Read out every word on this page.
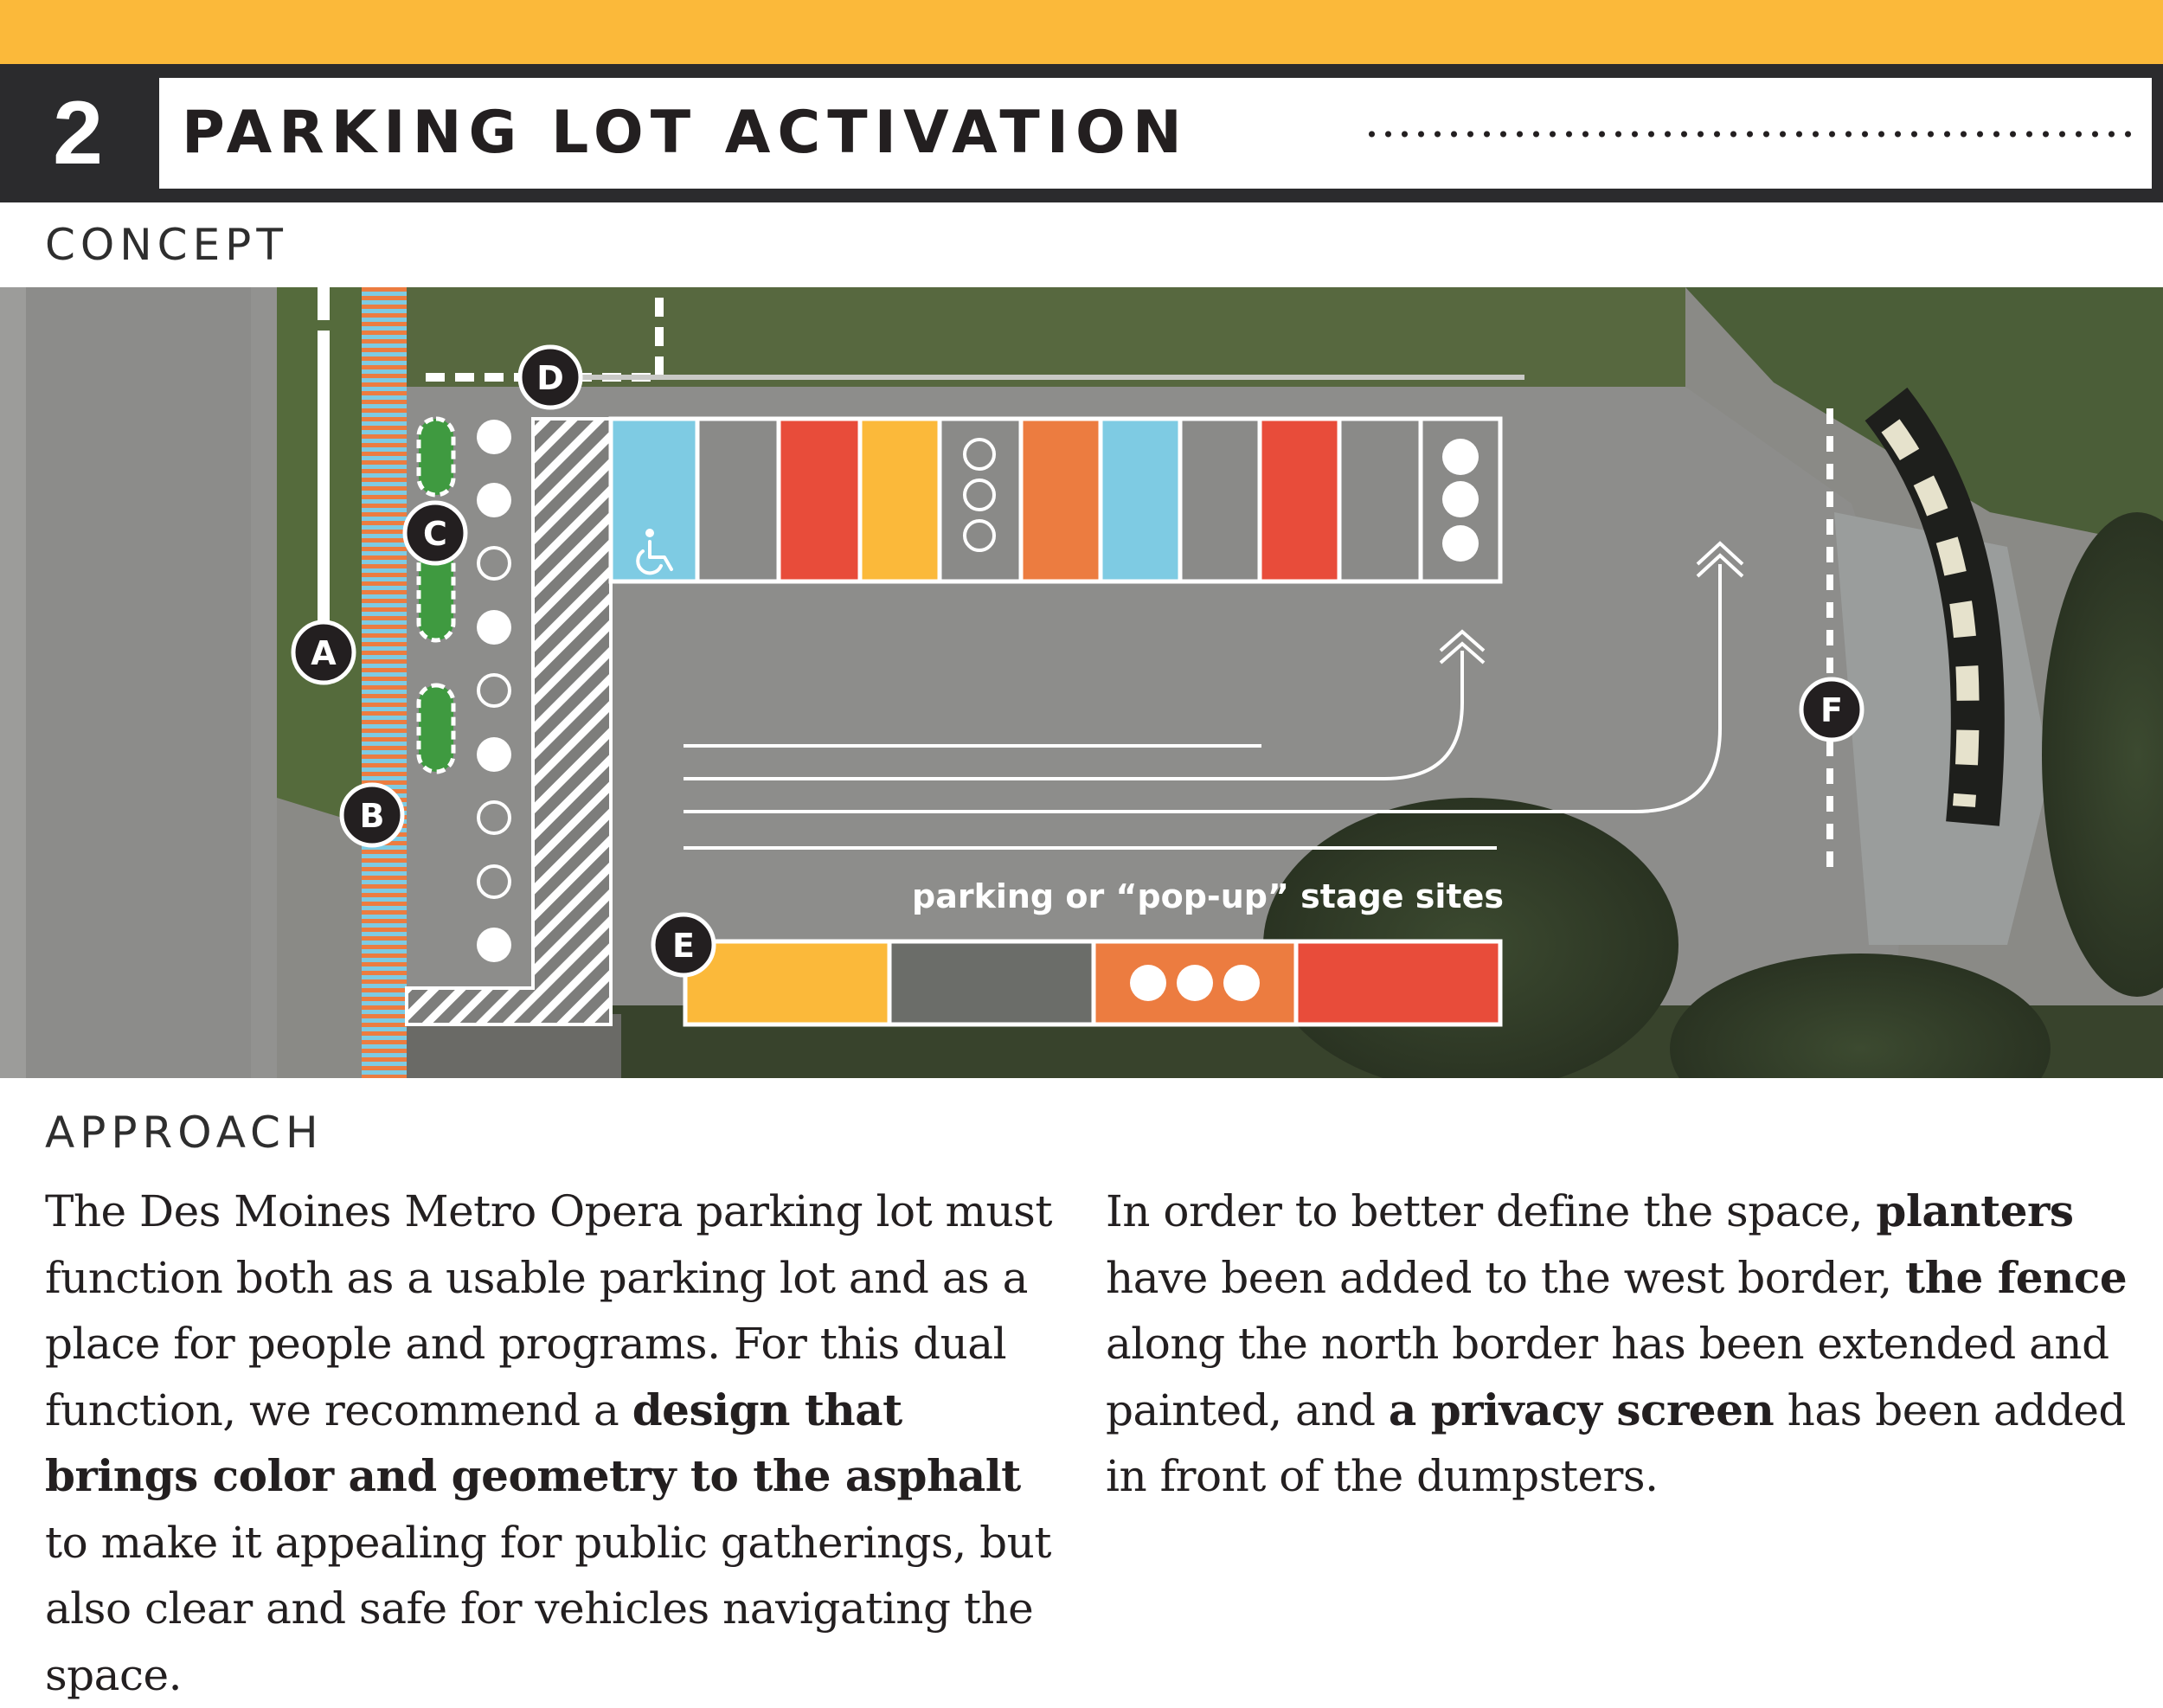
2	PARKING LOT ACTIVATION
CONCEPT
parking or “pop-up” stage sites
A
B
C
D
E
F
APPROACH

The Des Moines Metro Opera parking lot must function both as a usable parking lot and as a place for people and programs. For this dual function, we recommend a design that brings color and geometry to the asphalt to make it appealing for public gatherings, but also clear and safe for vehicles navigating the space.

In order to better define the space, planters have been added to the west border, the fence along the north border has been extended and painted, and a privacy screen has been added in front of the dumpsters.
